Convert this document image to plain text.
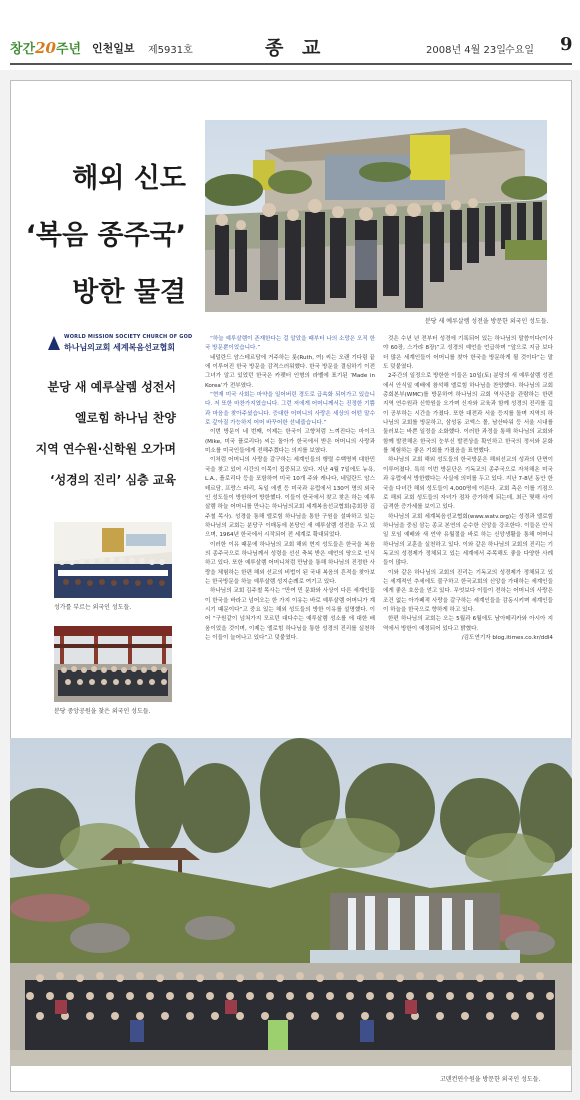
창간20주년 인천일보 제5931호	종 교	2008년 4월 23일 수요일 9
해외 신도
‘복음 종주국’
방한 물결
WORLD MISSION SOCIETY CHURCH OF GOD
하나님의교회 세계복음선교협회
분당 새 예루살렘 성전서
엘로힘 하나님 찬양
지역 연수원·신학원 오가며
‘성경의 진리’ 심층 교육
분당 새 예루살렘 성전을 방문한 외국인 성도들.
성가를 부르는 외국인 성도들.
분당 중앙공원을 찾은 외국인 성도들.

“하늘 예루살렘이 존재한다는 걸 알았을 때부터 나의 소망은 오직 한국 방문뿐이었습니다.”

네덜란드 암스테르담에 거주하는 룻(Ruth, 여) 씨는 오랜 기다림 끝에 이루어진 한국 방문을 감격스러워했다. 한국 방문을 결심하기 이전 그녀가 알고 있었던 한국은 카펫터 인형의 라벨에 표기된 ‘Made in Korea’가 전부였다.

“현재 미국 사회는 마약을 일어버린 경도로 급속화 되어가고 있습니다. 저 또한 마찬가지였습니다. 그런 저에게 어머니께서는 진정한 기쁨과 마음을 찾아주셨습니다. 증대한 어머니의 사랑은 세상의 어떤 말수로 갚아질 가능하지 어머 바꾸어한 선네줍습니다.”

이번 방문이 네 번째, 이제는 한국이 고향처럼 느껴진다는 마이크(Mike, 미국 플로리다) 씨는 돌아가 한국에서 받은 어머니의 사랑과 미소를 미국인들에게 전해주겠다는 의지를 보였다.

이처럼 어머니의 사랑을 갈구하는 세계인들의 행렬 수백명씩 대한민국을 찾고 있어 시간의 이목이 집중되고 있다. 지난 4월 7일에도 뉴욕, L.A., 플로리다 등을 포함하여 미국 10개 주와 캐나다, 네덜란드 암스테르담, 프랑스 파리, 독일 에센 등 미국과 유럽에서 130여 명의 외국인 성도들이 방한하여 방한했다. 이들이 한국에서 찾고 찾은 하는 예루살렘 하늘 어머니를 만나는 하나님의교회 세계복음선교협회(총회장 김주철 목사). 성경을 통해 엘로힘 하나님을 통한 구원을 설파하고 있는 하나님의 교회는 분당구 이매동에 본당인 새 예루살렘 성전을 두고 있으며, 1964년 한국에서 시작되어 전 세계로 확대되었다.

이러한 이유 때문에 하나님의 교회 해외 현지 성도들은 한국을 복음의 종주국으로 하나님께서 성령을 선신 축복 받은 예언의 땅으로 인식하고 있다. 또한 예루살렘 어머니처럼 만남을 통해 하나님의 진정한 사랑을 체험하는 한편 해외 선교의 비법이 된 국내 복음의 흔적을 찾아보는 한국방문을 하늘 예루살렘 성지순례로 여기고 있다.

하나님의 교회 김주철 목사는 “만여 민 문화와 사상이 다른 세계인들이 한국을 바라고 넘어오는 한 가지 이유는 바로 예루살렘 어머니가 계시기 때문이다”고 중요 있는 해외 성도들의 방한 이유를 설명했다. 이어 “구원같이 넘쳐가지 모르던 대다수는 예루살렘 성소를 에 대한 배움이었을 것이며, 이제는 엘로힘 하나님을 통한 성경의 진리를 실천하는 이들이 늘어나고 있다”고 덧붙였다.

것은 수년 년 전부터 성경에 기록되어 있는 하나님의 말씀이다(이사야 60장, 스가랴 8장)”고 성경의 예언을 언급하며 “앞으로 지금 보다 더 많은 세계인들이 어머니를 찾아 한국을 방문하게 될 것이다”는 말도 덧붙였다.

2주간의 일정으로 방한한 이들은 10일(토) 분당의 새 예루살렘 성전에서 안식일 예배에 참석해 엘로힘 하나님을 찬양했다. 하나님의 교회 총회본부(WMC)를 방문하여 하나님의 교회 역사관을 관람하는 한편 지역 연수원과 신학원을 오가며 신자와 교육과 함께 성경의 진리를 깊이 공부하는 시간을 가졌다. 또한 대전과 서울 등지를 돌며 지역의 하나님의 교회를 방문하고, 삼성동 코엑스 몰, 남산타워 등 서울 시내를 둘러보는 바쁜 일정을 소화했다. 이러한 과정을 통해 하나님의 교회와 함께 발전해온 한국의 눈부신 발전상을 확인하고 한국의 정서와 문화를 체험하는 좋은 기회를 가졌음을 표현했다.

하나님의 교회 해외 성도들의 한국방문은 해외선교의 성과의 단면이 이루어졌다. 특히 이번 방문단은 기독교의 종주국으로 자처해온 미국과 유럽에서 방한했다는 사실에 의미를 두고 있다. 지난 7-8년 동안 한국을 다녀간 해외 성도들이 4,000명에 이른다. 교회 측은 이를 기점으로 해외 교회 성도들의 자녀가 점차 증가하게 되는데, 최근 몇해 사이 급격한 증가세를 보이고 있다.

하나님의 교회 세계복음선교협회(www.watv.org)는 성경과 엘로힘 하나님을 중심 삼는 종교 본연의 순수한 신앙을 강조한다. 이들은 안식일 모임 예배와 새 언약 유월절을 바로 하는 신앙생활을 통해 어머니 하나님의 교훈을 실천하고 있다. 이와 같은 하나님의 교회의 진리는 기독교의 성경제가 정체되고 있는 세계에서 주목해도 좋을 다양한 사례들이 많다.

이와 같은 하나님의 교회의 진리는 기독교의 성경제가 정체되고 있는 세계적인 추세에도 불구하고 한국교회의 신앙을 가대하는 세계인들에게 좋은 호응을 얻고 있다. 무엇보다 이들이 전하는 어머니의 사랑은 조건 없는 아가페적 사랑을 갈구하는 세계인들을 감동시키며 세계인들이 하늘을 한국으로 향하게 하고 있다.

한편 하나님의 교회는 오는 5월과 6월에도 남아메리카와 아시아 지역에서 방한이 예정되어 있다고 밝혔다.

/김도연기자 blog.itimes.co.kr/ddl4

고덴컨연수원을 방문한 외국인 성도들.
